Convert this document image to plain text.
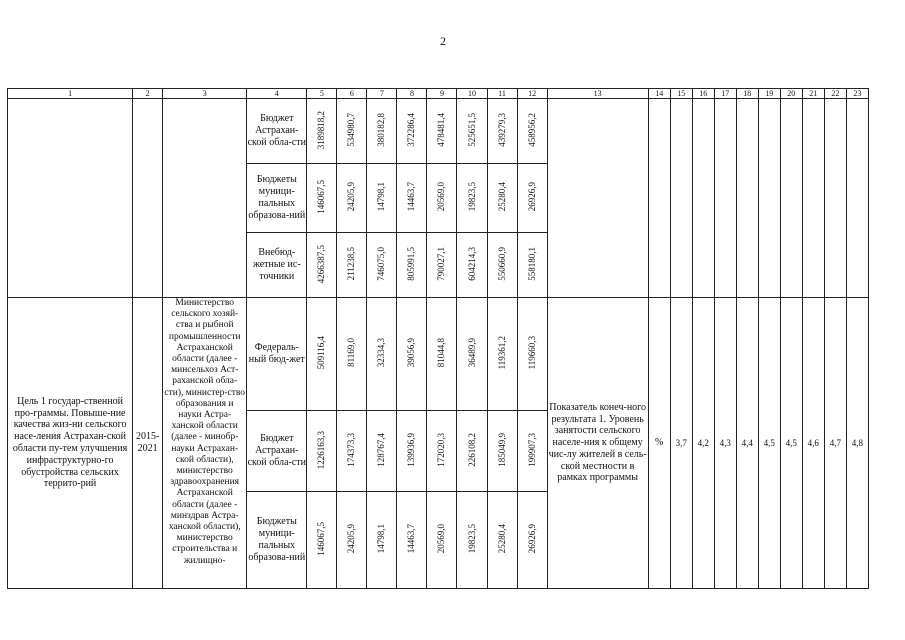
2
1	2	3	4	5	6	7	8	9	10	11	12	13	14	15	16	17	18	19	20	21	22	23
			Бюджет Астрахан-ской обла-сти	3189818,2	534980,7	380182,8	372286,4	478481,4	525651,5	439279,3	458956,2											
			Бюджеты муници-пальных образова-ний	146067,5	24205,9	14798,1	14463,7	20569,0	19823,5	25280,4	26926,9											
			Внебюд-жетные ис-точники	4266387,5	211238,5	746075,0	805991,5	790027,1	604214,3	550660,9	558180,1											
Цель 1 государ-ственной про-граммы. Повыше-ние качества жиз-ни сельского насе-ления Астрахан-ской области пу-тем улучшения инфраструктурно-го обустройства сельских террито-рий	2015-2021	Министерство сельского хозяй-ства и рыбной промышленности Астраханской области (далее - минсельхоз Аст-раханской обла-сти), министер-ство образования и науки Астра-ханской области (далее - минобр-науки Астрахан-ской области), министерство здравоохранения Астраханской области (далее - минздрав Астра-ханской области), министерство строительства и жилищно-	Федераль-ный бюд-жет	509116,4	81169,0	32334,3	39056,9	81044,8	36489,9	119361,2	119660,3	Показатель конеч-ного результата 1. Уровень занятости сельского населе-ния к общему чис-лу жителей в сель-ской местности в рамках программы	%	3,7	4,2	4,3	4,4	4,5	4,5	4,6	4,7	4,8
			Бюджет Астрахан-ской обла-сти	1226163,3	174373,3	128767,4	139936,9	172020,3	226108,2	185049,9	199907,3											
			Бюджеты муници-пальных образова-ний	146067,5	24205,9	14798,1	14463,7	20569,0	19823,5	25280,4	26926,9											
